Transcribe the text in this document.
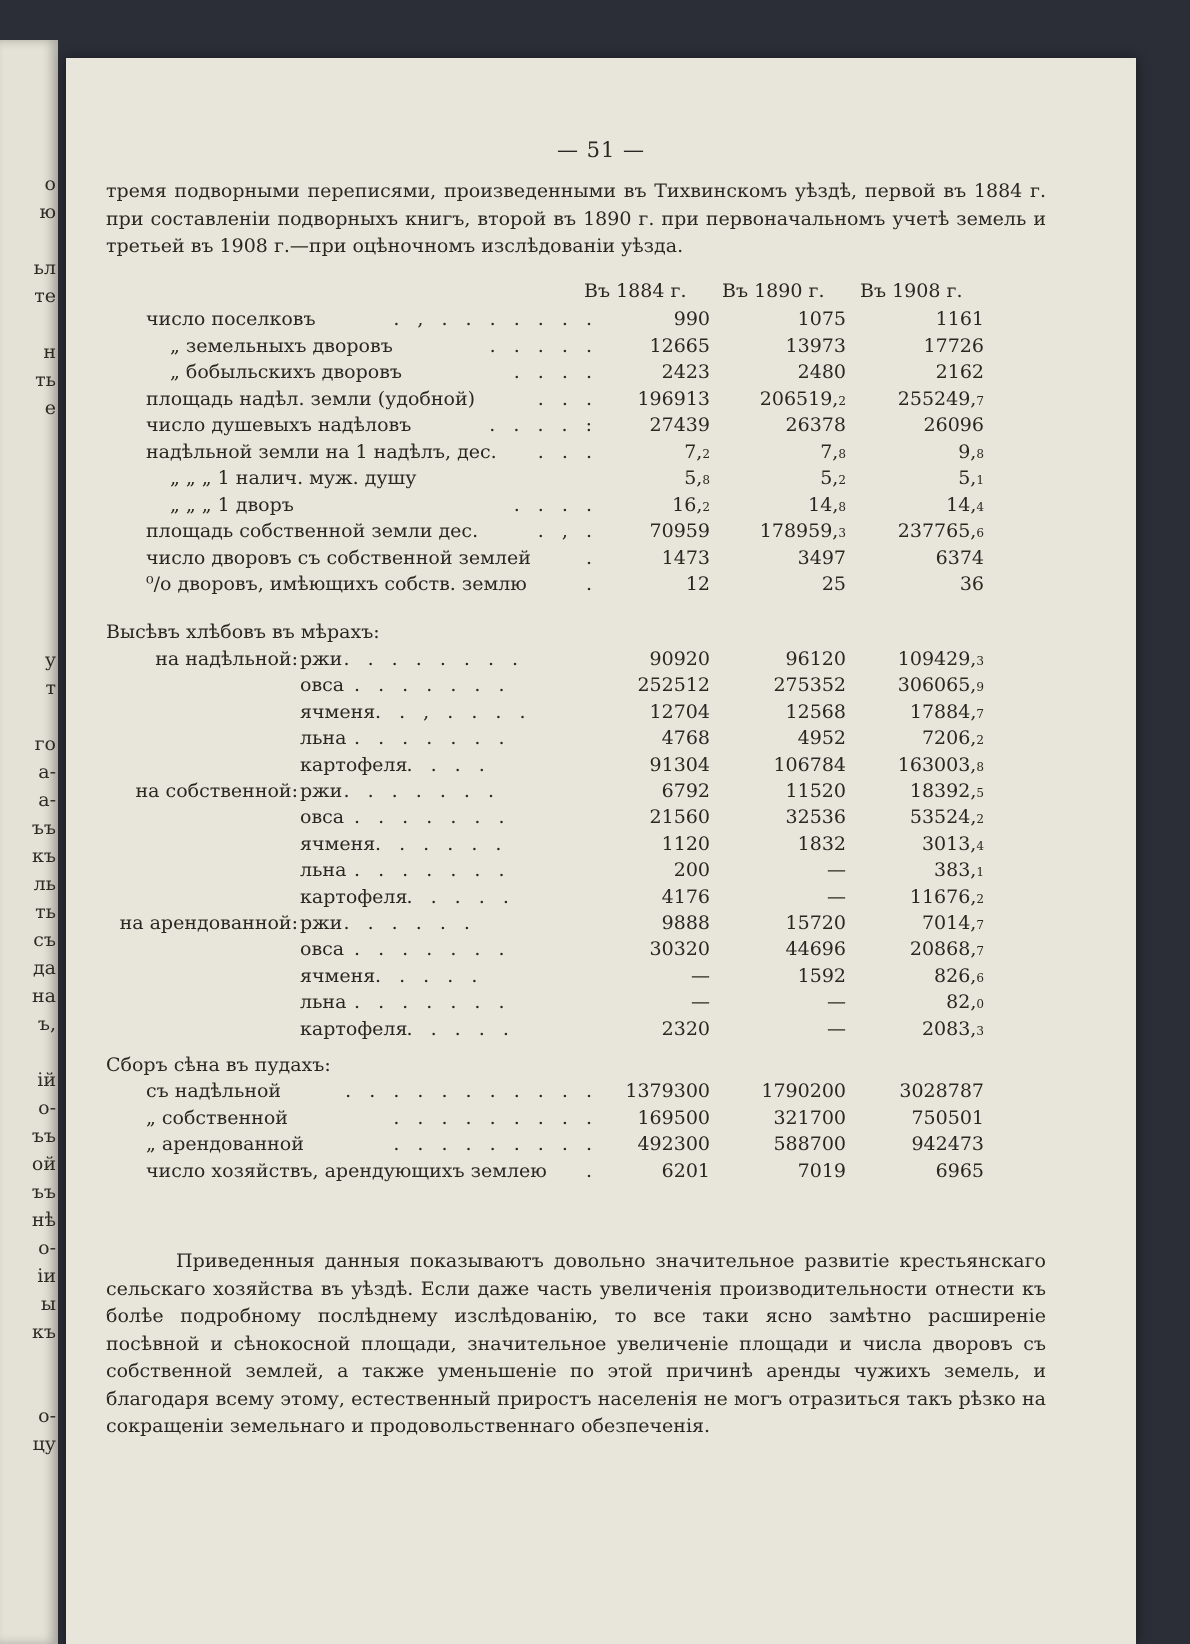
о
ю
ьл
те
н
ть
е
у
т
го
а-
а-
ъъ
къ
ль
ть
съ
да
на
ъ,
ій
о-
ъъ
ой
ъъ
нѣ
о-
іи
ы
къ
о-
цу
— 51 —
тремя подворными переписями, произведенными въ Тихвинскомъ уѣздѣ, первой въ 1884 г. при составленіи подворныхъ книгъ, второй въ 1890 г. при первоначальномъ учетѣ земель и третьей въ 1908 г.—при оцѣночномъ изслѣдованіи уѣзда.
Въ 1884 г. Въ 1890 г. Въ 1908 г.
число поселковъ	. , . . . . . . .	990	1075	1161
„ земельныхъ дворовъ	. . . . .	12665	13973	17726
„ бобыльскихъ дворовъ	. . . .	2423	2480	2162
площадь надѣл. земли (удобной)	. . . 196913	206519,2	255249,7
число душевыхъ надѣловъ	. . . . :	27439	26378	26096
надѣльной земли на 1 надѣлъ, дес. . . .	7,2	7,8	9,8
„ „ „ 1 налич. муж. душу	5,8	5,2	5,1
„ „ „ 1 дворъ	. . . .	16,2	14,8	14,4
площадь собственной земли дес.	. , .	70959	178959,3	237765,6
число дворовъ съ собственной землей	.	1473	3497	6374
⁰/o дворовъ, имѣющихъ собств. землю	.	12	25	36
Высѣвъ хлѣбовъ въ мѣрахъ:
на надѣльной: ржи . . . . . . . .	90920	96120	109429,3
овса . . . . . . .	252512	275352	306065,9
ячменя . . , . . . .	12704	12568	17884,7
льна . . . . . . .	4768	4952	7206,2
картофеля . . . .	91304	106784	163003,8
на собственной: ржи . . . . . . .	6792	11520	18392,5
овса . . . . . . .	21560	32536	53524,2
ячменя . . . . . .	1120	1832	3013,4
льна . . . . . . .	200	—	383,1
картофеля . . . . .	4176	—	11676,2
на арендованной: ржи . . . . . .	9888	15720	7014,7
овса . . . . . . .	30320	44696	20868,7
ячменя . . . . .	—	1592	826,6
льна . . . . . . .	—	—	82,0
картофеля . . . . .	2320	—	2083,3
Сборъ сѣна въ пудахъ:
съ надѣльной	. . . . . . . . . . . 1379300	1790200	3028787
„ собственной	. . . . . . . . . 169500	321700	750501
„ арендованной	. . . . . . . . . 492300	588700	942473
число хозяйствъ, арендующихъ землею .	6201	7019	6965
Приведенныя данныя показываютъ довольно значительное развитіе крестьянскаго сельскаго хозяйства въ уѣздѣ. Если даже часть увеличенія производительности отнести къ болѣе подробному послѣднему изслѣдованію, то все таки ясно замѣтно расширеніе посѣвной и сѣнокосной площади, значительное увеличеніе площади и числа дворовъ съ собственной землей, а также уменьшеніе по этой причинѣ аренды чужихъ земель, и благодаря всему этому, естественный приростъ населенія не могъ отразиться такъ рѣзко на сокращеніи земельнаго и продовольственнаго обезпеченія.
